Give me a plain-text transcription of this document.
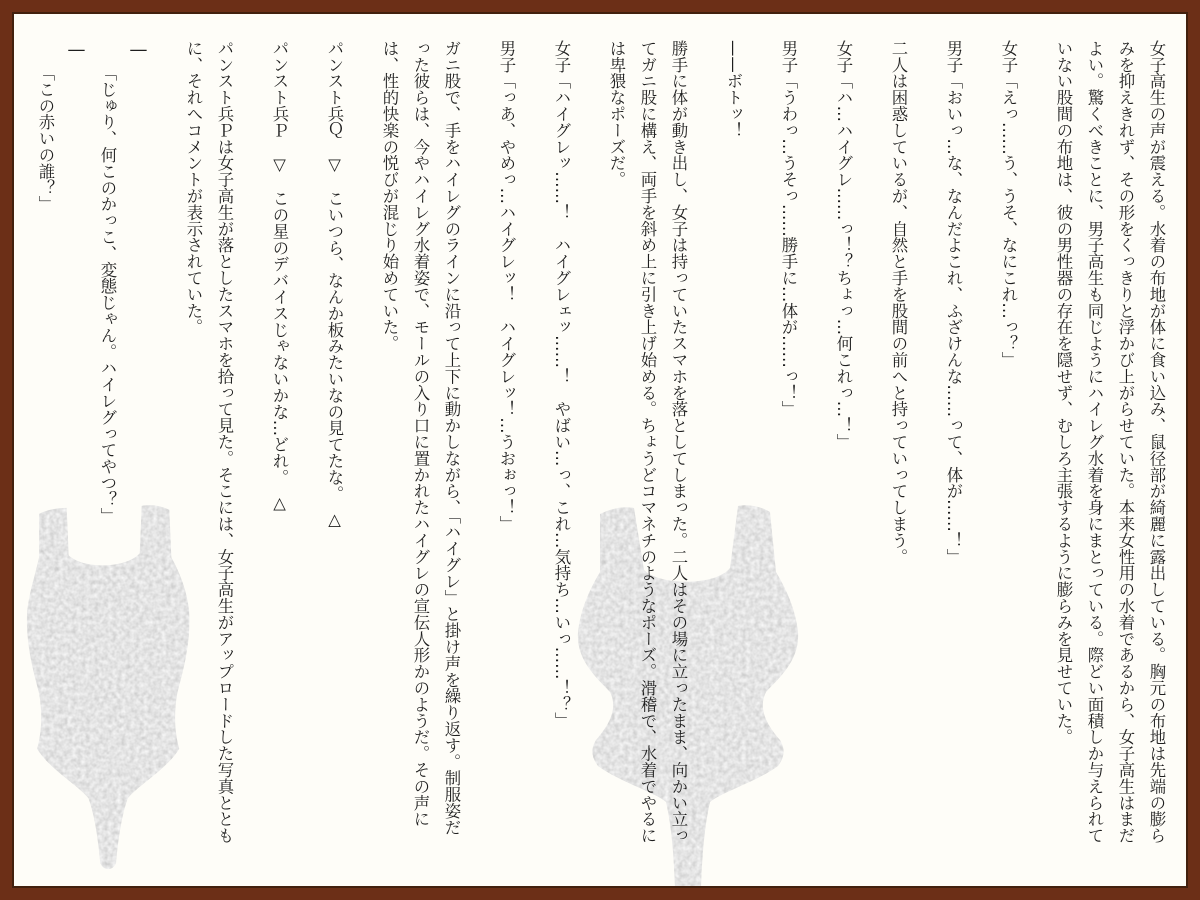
女子高生の声が震える。水着の布地が体に食い込み、鼠径部が綺麗に露出している。胸元の布地は先端の膨ら
みを抑えきれず、その形をくっきりと浮かび上がらせていた。本来女性用の水着であるから、女子高生はまだ
よい。驚くべきことに、男子高生も同じようにハイレグ水着を身にまとっている。際どい面積しか与えられて
いない股間の布地は、彼の男性器の存在を隠せず、むしろ主張するように膨らみを見せていた。
女子「えっ……う、うそ、なにこれ…っ？」
男子「おいっ…な、なんだよこれ、ふざけんな……って、体が……！」
二人は困惑しているが、自然と手を股間の前へと持っていってしまう。
女子「ハ…ハイグレ……っ！？ちょっ…何これっ…！」
男子「うわっ…うそっ……勝手に…体が……っ！」
——ボトッ！
勝手に体が動き出し、女子は持っていたスマホを落としてしまった。二人はその場に立ったまま、向かい立っ
てガニ股に構え、両手を斜め上に引き上げ始める。ちょうどコマネチのようなポーズ。滑稽で、水着でやるに
は卑猥なポーズだ。
女子「ハイグレッ……！　ハイグレェッ……！　やばい…っ、これ…気持ち…いっ……！？」
男子「っあ、やめっ…ハイグレッ！　ハイグレッ！…うおぉっ！」
ガニ股で、手をハイレグのラインに沿って上下に動かしながら、「ハイグレ」と掛け声を繰り返す。制服姿だ
った彼らは、今やハイレグ水着姿で、モールの入り口に置かれたハイグレの宣伝人形かのようだ。その声に
は、性的快楽の悦びが混じり始めていた。
パンスト兵Ｑ　▽　こいつら、なんか板みたいなの見てたな。　△
パンスト兵Ｐ　▽　この星のデバイスじゃないかな…どれ。　△
パンスト兵Ｐは女子高生が落としたスマホを拾って見た。そこには、女子高生がアップロードした写真ととも
に、それへコメントが表示されていた。
―
　　「じゅり、何このかっこ、変態じゃん。ハイレグってやつ？」
―
　　「この赤いの誰？」
